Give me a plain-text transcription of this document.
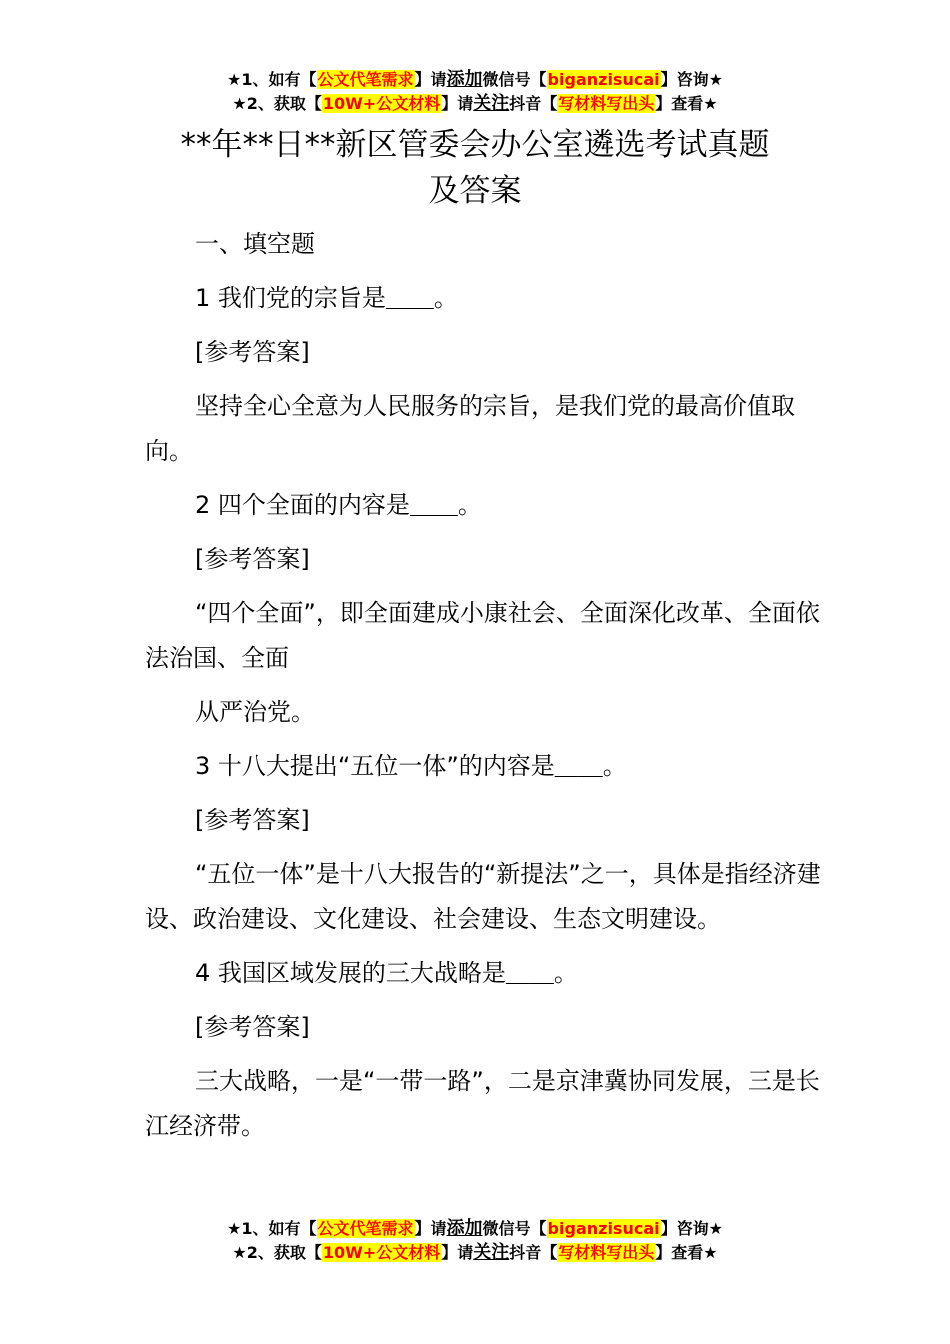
★1、如有【公文代笔需求】请添加微信号【biganzisucai】咨询★
★2、获取【10W+公文材料】请关注抖音【写材料写出头】查看★
**年**日**新区管委会办公室遴选考试真题
及答案

一、填空题

1 我们党的宗旨是＿＿。

[参考答案]

坚持全心全意为人民服务的宗旨，是我们党的最高价值取向。

2 四个全面的内容是＿＿。

[参考答案]

“四个全面”，即全面建成小康社会、全面深化改革、全面依法治国、全面

从严治党。

3 十八大提出“五位一体”的内容是＿＿。

[参考答案]

“五位一体”是十八大报告的“新提法”之一，具体是指经济建设、政治建设、文化建设、社会建设、生态文明建设。

4 我国区域发展的三大战略是＿＿。

[参考答案]

三大战略，一是“一带一路”，二是京津冀协同发展，三是长江经济带。

★1、如有【公文代笔需求】请添加微信号【biganzisucai】咨询★
★2、获取【10W+公文材料】请关注抖音【写材料写出头】查看★
